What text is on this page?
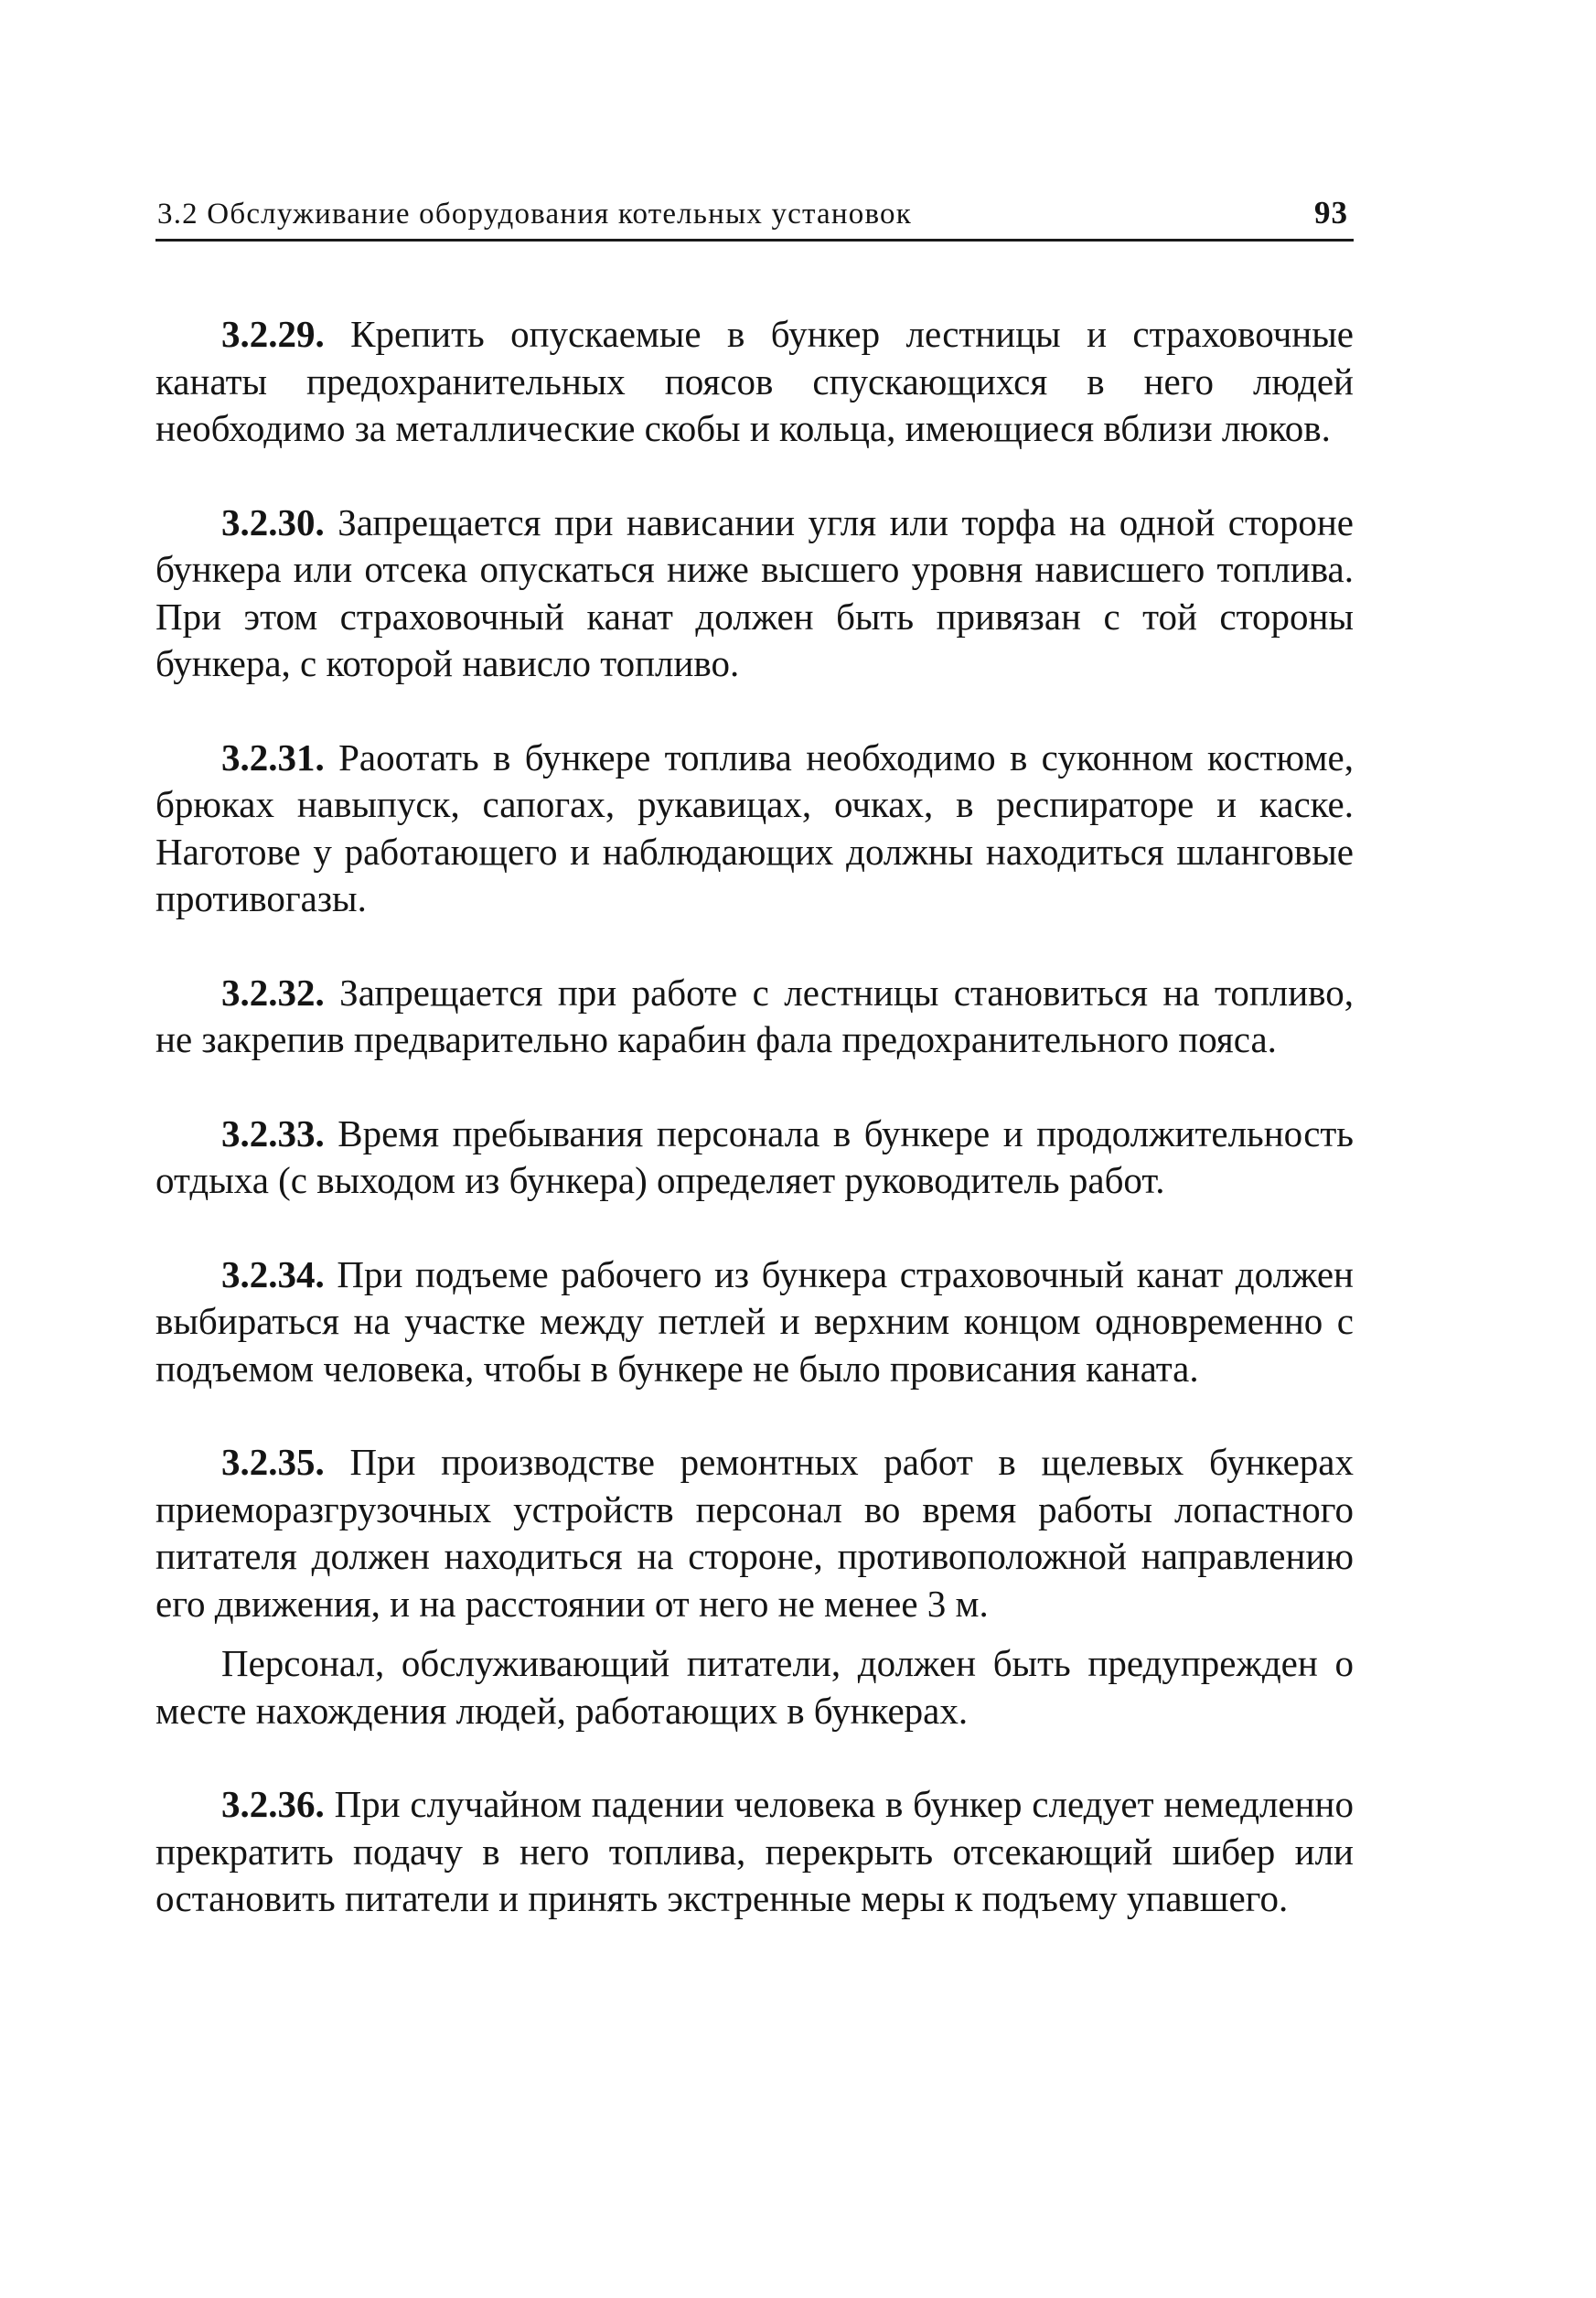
3.2 Обслуживание оборудования котельных установок	93

3.2.29. Крепить опускаемые в бункер лестницы и страховочные канаты предохранительных поясов спускающихся в него людей необходимо за металлические скобы и кольца, имеющиеся вблизи люков.

3.2.30. Запрещается при нависании угля или торфа на одной стороне бункера или отсека опускаться ниже высшего уровня нависшего топлива. При этом страховочный канат должен быть привязан с той стороны бункера, с которой нависло топливо.

3.2.31. Раоотать в бункере топлива необходимо в суконном костюме, брюках навыпуск, сапогах, рукавицах, очках, в респираторе и каске. Наготове у работающего и наблюдающих должны находиться шланговые противогазы.

3.2.32. Запрещается при работе с лестницы становиться на топливо, не закрепив предварительно карабин фала предохранительного пояса.

3.2.33. Время пребывания персонала в бункере и продолжительность отдыха (с выходом из бункера) определяет руководитель работ.

3.2.34. При подъеме рабочего из бункера страховочный канат должен выбираться на участке между петлей и верхним концом одновременно с подъемом человека, чтобы в бункере не было провисания каната.

3.2.35. При производстве ремонтных работ в щелевых бункерах приеморазгрузочных устройств персонал во время работы лопастного питателя должен находиться на стороне, противоположной направлению его движения, и на расстоянии от него не менее 3 м.

Персонал, обслуживающий питатели, должен быть предупрежден о месте нахождения людей, работающих в бункерах.

3.2.36. При случайном падении человека в бункер следует немедленно прекратить подачу в него топлива, перекрыть отсекающий шибер или остановить питатели и принять экстренные меры к подъему упавшего.
